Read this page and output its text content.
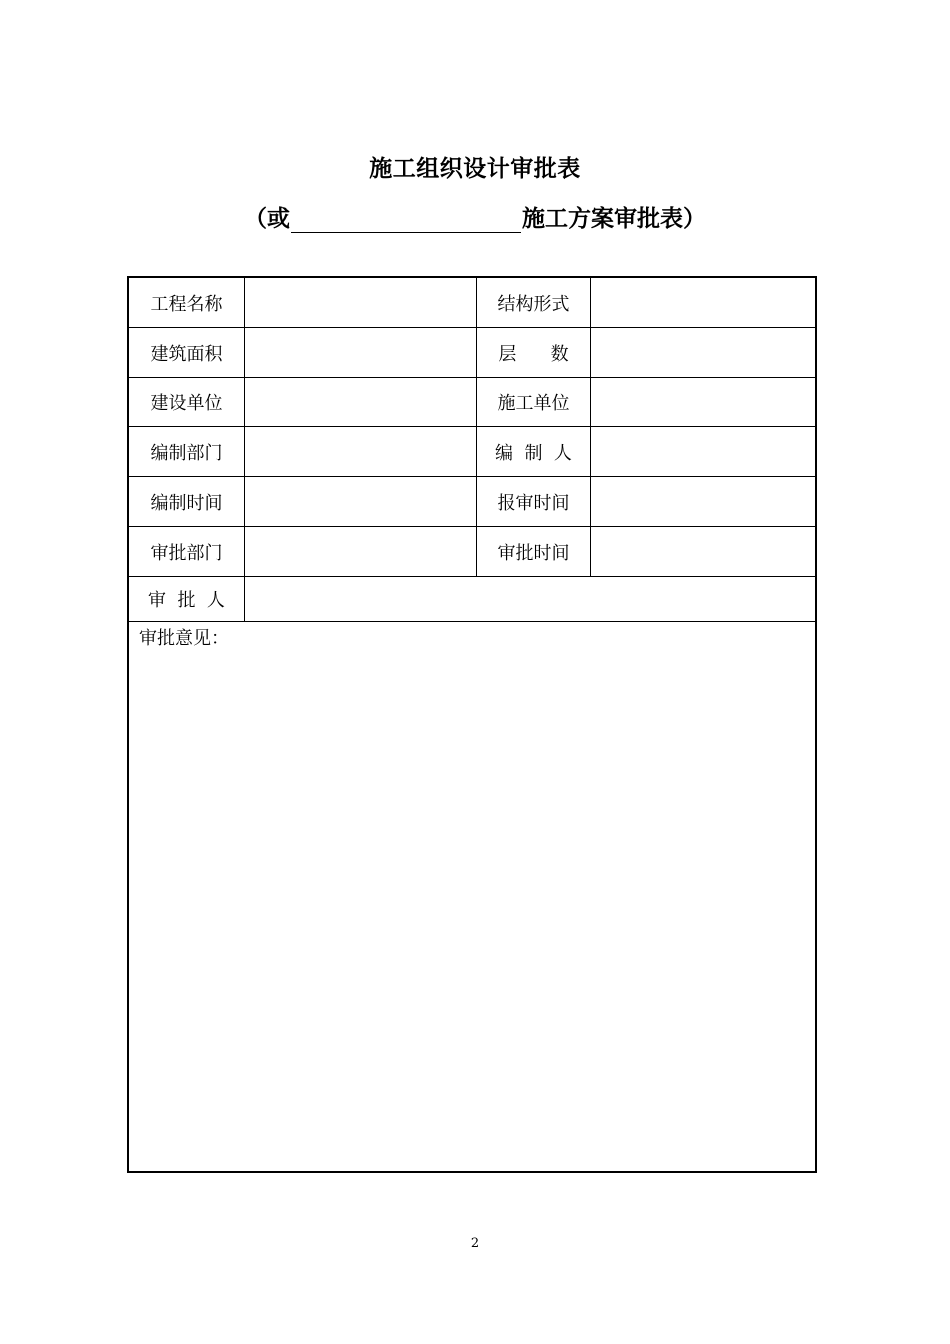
施工组织设计审批表
（或	施工方案审批表）
工程名称	结构形式
建筑面积	层      数
建设单位	施工单位
编制部门	编  制  人
编制时间	报审时间
审批部门	审批时间
审  批  人
审批意见：
2
